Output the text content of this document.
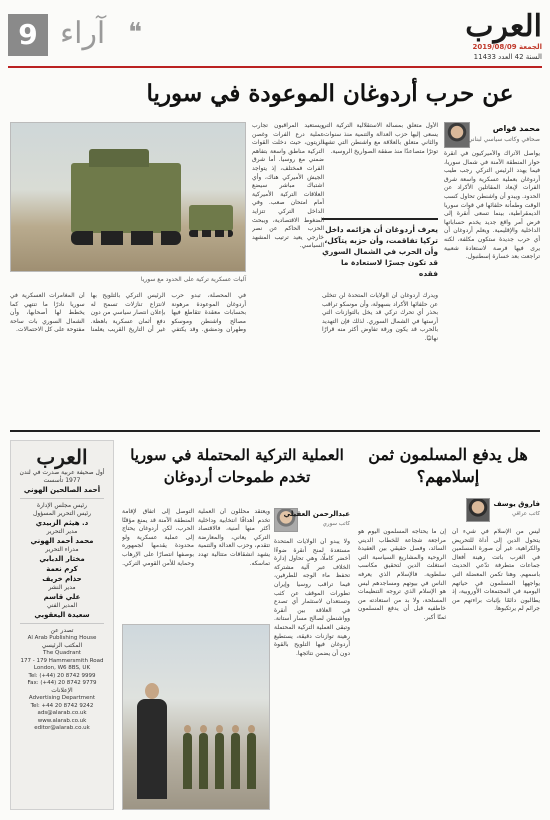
العرب
الجمعة 2019/08/09
السنة 42 العدد 11433
9 آراء ❝
عن حرب أردوغان الموعودة في سوريا
آليات عسكرية تركية على الحدود مع سوريا
محمد قواص
صحافي وكاتب سياسي لبناني
يواصل الأتراك والأميركيون في أنقرة حوار المنطقة الآمنة في شمال سوريا، فيما يهدد الرئيس التركي رجب طيب أردوغان بعملية عسكرية واسعة شرق الفرات لإبعاد المقاتلين الأكراد عن الحدود. ويبدو أن واشنطن تحاول كسب الوقت وطمأنة حلفائها في قوات سوريا الديمقراطية، بينما تسعى أنقرة إلى فرض أمر واقع جديد يخدم حساباتها الداخلية والإقليمية. ويعلم أردوغان أن أي حرب جديدة ستكون مكلفة، لكنه يرى فيها فرصة لاستعادة شعبية تراجعت بعد خسارة إسطنبول.
الأول متعلق بمسألة الاستقلالية التركية التي يسعى إليها حزب العدالة والتنمية منذ سنوات، والثاني متعلق بالعلاقة مع واشنطن التي تشهد توترًا متصاعدًا منذ صفقة الصواريخ الروسية.
يعرف أردوغان أن هزائمه داخل تركيا تفاقمت، وأن حزبه يتآكل، وأن الحرب في الشمال السوري قد تكون جسرًا لاستعادة ما فقده
ويدرك أردوغان أن الولايات المتحدة لن تتخلى عن حلفائها الأكراد بسهولة، وأن موسكو تراقب بحذر أي تحرك تركي قد يخل بالتوازنات التي أرستها في الشمال السوري. لذلك فإن التهديد بالحرب قد يكون ورقة تفاوض أكثر منه قرارًا نهائيًا.
ويستعيد المراقبون تجارب عملية درع الفرات وغصن الزيتون، حيث دخلت القوات التركية مناطق واسعة بتفاهم ضمني مع روسيا. أما شرق الفرات فمختلف، إذ يتواجد الجيش الأميركي هناك، وأي اشتباك مباشر سيضع العلاقات التركية الأميركية أمام امتحان صعب. وفي الداخل التركي تتزايد الضغوط الاقتصادية، ويبحث الحزب الحاكم عن نصر خارجي يعيد ترتيب المشهد السياسي.
في المحصلة، تبدو حرب أردوغان الموعودة مرهونة بحسابات معقدة تتقاطع فيها مصالح واشنطن وموسكو وطهران ودمشق. وقد يكتفي الرئيس التركي بالتلويح بها لانتزاع تنازلات تسمح له بإعلان انتصار سياسي من دون دفع أثمان عسكرية باهظة. غير أن التاريخ القريب يعلمنا أن المغامرات العسكرية في سوريا نادرًا ما تنتهي كما يخطط لها أصحابها، وأن الشمال السوري بات ساحة مفتوحة على كل الاحتمالات.
العرب
أول صحيفة عربية صدرت في لندن
1977 تأسست
أحمد الصالحين الهوني
رئيس مجلس الإدارة
رئيس التحرير المسؤول
د. هيثم الزبيدي
مدير التحرير
محمد أحمد الهوني
مدراء التحرير
مختار الدبابي
كرم نعمة
حذام خريف
مدير النشر
علي قاسم
المدير الفني
سعيدة اليعقوبي
تصدر عن
Al Arab Publishing House
المكتب الرئيسي
The Quadrant
177 - 179 Hammersmith Road
London, W6 8BS, UK
Tel: (+44) 20 8742 9999
Fax: (+44) 20 8742 9779
الإعلانات
Advertising Department
Tel: +44 20 8742 9242
ads@alarab.co.uk
www.alarab.co.uk
editor@alarab.co.uk
العملية التركية المحتملة في سوريا تخدم طموحات أردوغان
التوصل إلى اتفاق لإقامة المنطقة الآمنة قد يمنع مؤقتًا الحرب، لكن أردوغان يحتاج إلى عملية عسكرية ولو محدودة يقدمها لجمهوره بوصفها انتصارًا على الإرهاب وحماية للأمن القومي التركي.
ويعتقد محللون أن العملية تخدم أهدافًا انتخابية وداخلية أكثر منها أمنية، فالاقتصاد التركي يعاني، والمعارضة تتقدم، وحزب العدالة والتنمية يشهد انشقاقات متتالية تهدد تماسكه.
عبدالرحمن العقيلي
كاتب سوري
ولا يبدو أن الولايات المتحدة مستعدة لمنح أنقرة ضوءًا أخضر كاملًا، وهي تحاول إدارة الخلاف عبر آلية مشتركة تحفظ ماء الوجه للطرفين، فيما تراقب روسيا وإيران تطورات الموقف عن كثب وتستعدان لاستثمار أي تصدع في العلاقة بين أنقرة وواشنطن لصالح مسار أستانة. وتبقى العملية التركية المحتملة رهينة توازنات دقيقة، يستطيع أردوغان فيها التلويح بالقوة دون أن يضمن نتائجها.
هل يدفع المسلمون ثمن إسلامهم؟
فاروق يوسف
كاتب عراقي
ليس من الإسلام في شيء أن يتحول الدين إلى أداة للتحريض والكراهية، غير أن صورة المسلمين في الغرب باتت رهينة أفعال جماعات متطرفة تدّعي الحديث باسمهم. وهنا تكمن المعضلة التي يواجهها المسلمون في حياتهم اليومية في المجتمعات الأوروبية، إذ يطالبون دائمًا بإثبات براءتهم من جرائم لم يرتكبوها.
إن ما يحتاجه المسلمون اليوم هو مراجعة شجاعة للخطاب الديني السائد، وفصل حقيقي بين العقيدة الروحية والمشاريع السياسية التي استغلت الدين لتحقيق مكاسب سلطوية. فالإسلام الذي يعرفه الناس في بيوتهم ومساجدهم ليس هو الإسلام الذي تروجه التنظيمات المسلحة، ولا بد من استعادته من خاطفيه قبل أن يدفع المسلمون ثمنًا أكبر.
